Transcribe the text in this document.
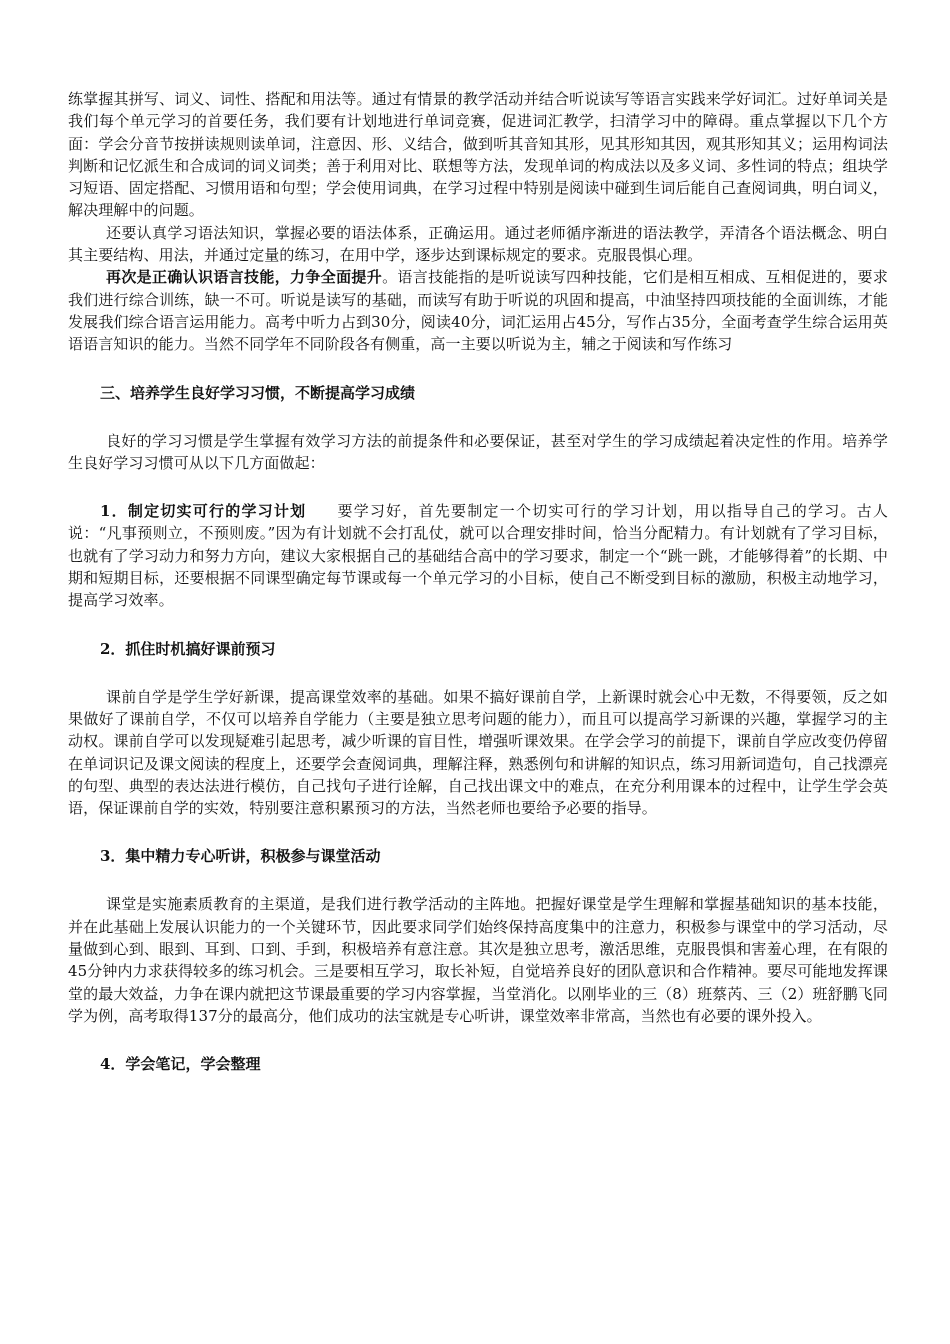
练掌握其拼写、词义、词性、搭配和用法等。通过有情景的教学活动并结合听说读写等语言实践来学好词汇。过好单词关是我们每个单元学习的首要任务，我们要有计划地进行单词竞赛，促进词汇教学，扫清学习中的障碍。重点掌握以下几个方面：学会分音节按拼读规则读单词，注意因、形、义结合，做到听其音知其形，见其形知其因，观其形知其义；运用构词法判断和记忆派生和合成词的词义词类；善于利用对比、联想等方法，发现单词的构成法以及多义词、多性词的特点；组块学习短语、固定搭配、习惯用语和句型；学会使用词典，在学习过程中特别是阅读中碰到生词后能自己查阅词典，明白词义，解决理解中的问题。

还要认真学习语法知识，掌握必要的语法体系，正确运用。通过老师循序渐进的语法教学，弄清各个语法概念、明白其主要结构、用法，并通过定量的练习，在用中学，逐步达到课标规定的要求。克服畏惧心理。

再次是正确认识语言技能，力争全面提升。语言技能指的是听说读写四种技能，它们是相互相成、互相促进的，要求我们进行综合训练，缺一不可。听说是读写的基础，而读写有助于听说的巩固和提高，中油坚持四项技能的全面训练，才能发展我们综合语言运用能力。高考中听力占到30分，阅读40分，词汇运用占45分，写作占35分，全面考查学生综合运用英语语言知识的能力。当然不同学年不同阶段各有侧重，高一主要以听说为主，辅之于阅读和写作练习

三、培养学生良好学习习惯，不断提高学习成绩

良好的学习习惯是学生掌握有效学习方法的前提条件和必要保证，甚至对学生的学习成绩起着决定性的作用。培养学生良好学习习惯可从以下几方面做起：

1．制定切实可行的学习计划 要学习好，首先要制定一个切实可行的学习计划，用以指导自己的学习。古人说：“凡事预则立，不预则废。”因为有计划就不会打乱仗，就可以合理安排时间，恰当分配精力。有计划就有了学习目标，也就有了学习动力和努力方向，建议大家根据自己的基础结合高中的学习要求，制定一个“跳一跳，才能够得着”的长期、中期和短期目标，还要根据不同课型确定每节课或每一个单元学习的小目标，使自己不断受到目标的激励，积极主动地学习，提高学习效率。

2．抓住时机搞好课前预习

课前自学是学生学好新课，提高课堂效率的基础。如果不搞好课前自学，上新课时就会心中无数，不得要领，反之如果做好了课前自学，不仅可以培养自学能力（主要是独立思考问题的能力），而且可以提高学习新课的兴趣，掌握学习的主动权。课前自学可以发现疑难引起思考，减少听课的盲目性，增强听课效果。在学会学习的前提下，课前自学应改变仍停留在单词识记及课文阅读的程度上，还要学会查阅词典，理解注释，熟悉例句和讲解的知识点，练习用新词造句，自己找漂亮的句型、典型的表达法进行模仿，自己找句子进行诠解，自己找出课文中的难点，在充分利用课本的过程中，让学生学会英语，保证课前自学的实效，特别要注意积累预习的方法，当然老师也要给予必要的指导。

3．集中精力专心听讲，积极参与课堂活动

课堂是实施素质教育的主渠道，是我们进行教学活动的主阵地。把握好课堂是学生理解和掌握基础知识的基本技能，并在此基础上发展认识能力的一个关键环节，因此要求同学们始终保持高度集中的注意力，积极参与课堂中的学习活动，尽量做到心到、眼到、耳到、口到、手到，积极培养有意注意。其次是独立思考，激活思维，克服畏惧和害羞心理，在有限的45分钟内力求获得较多的练习机会。三是要相互学习，取长补短，自觉培养良好的团队意识和合作精神。要尽可能地发挥课堂的最大效益，力争在课内就把这节课最重要的学习内容掌握，当堂消化。以刚毕业的三（8）班蔡芮、三（2）班舒鹏飞同学为例，高考取得137分的最高分，他们成功的法宝就是专心听讲，课堂效率非常高，当然也有必要的课外投入。

4．学会笔记，学会整理
